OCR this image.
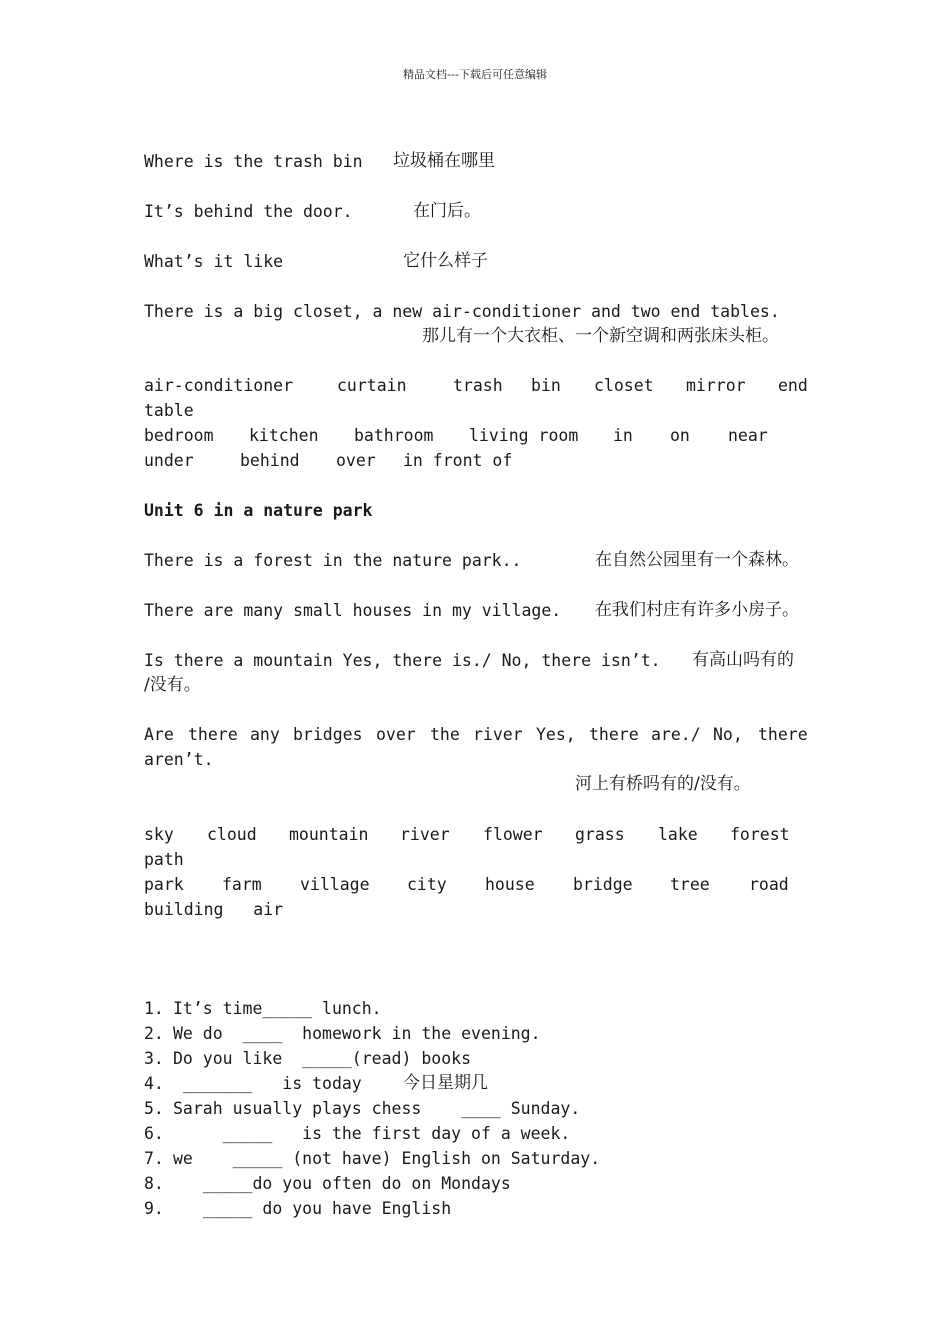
精品文档---下载后可任意编辑
Where is the trash bin 垃圾桶在哪里
It’s behind the door.	在门后。
What’s it like	它什么样子
There is a big closet, a new air-conditioner and two end tables.
那儿有一个大衣柜、一个新空调和两张床头柜。
air-conditioner	curtain	trash bin closet mirror end
table
bedroom kitchen bathroom living room in on near
under	behind over in front of
Unit 6 in a nature park
There is a forest in the nature park..	在自然公园里有一个森林。
There are many small houses in my village. 在我们村庄有许多小房子。
Is there a mountain Yes, there is./ No, there isn’t. 有高山吗有的
/没有。
Are there any bridges over the river Yes, there are./ No, there
aren’t.
河上有桥吗有的/没有。
sky cloud mountain river flower grass lake forest
path
park farm village city house bridge tree road
building   air
1. It’s time_____ lunch.
2. We do  ____  homework in the evening.
3. Do you like  _____(read) books
4. _______   is today 今日星期几
5. Sarah usually plays chess    ____ Sunday.
6. _____   is the first day of a week.
7. we    _____ (not have) English on Saturday.
8. _____do you often do on Mondays
9. _____ do you have English
